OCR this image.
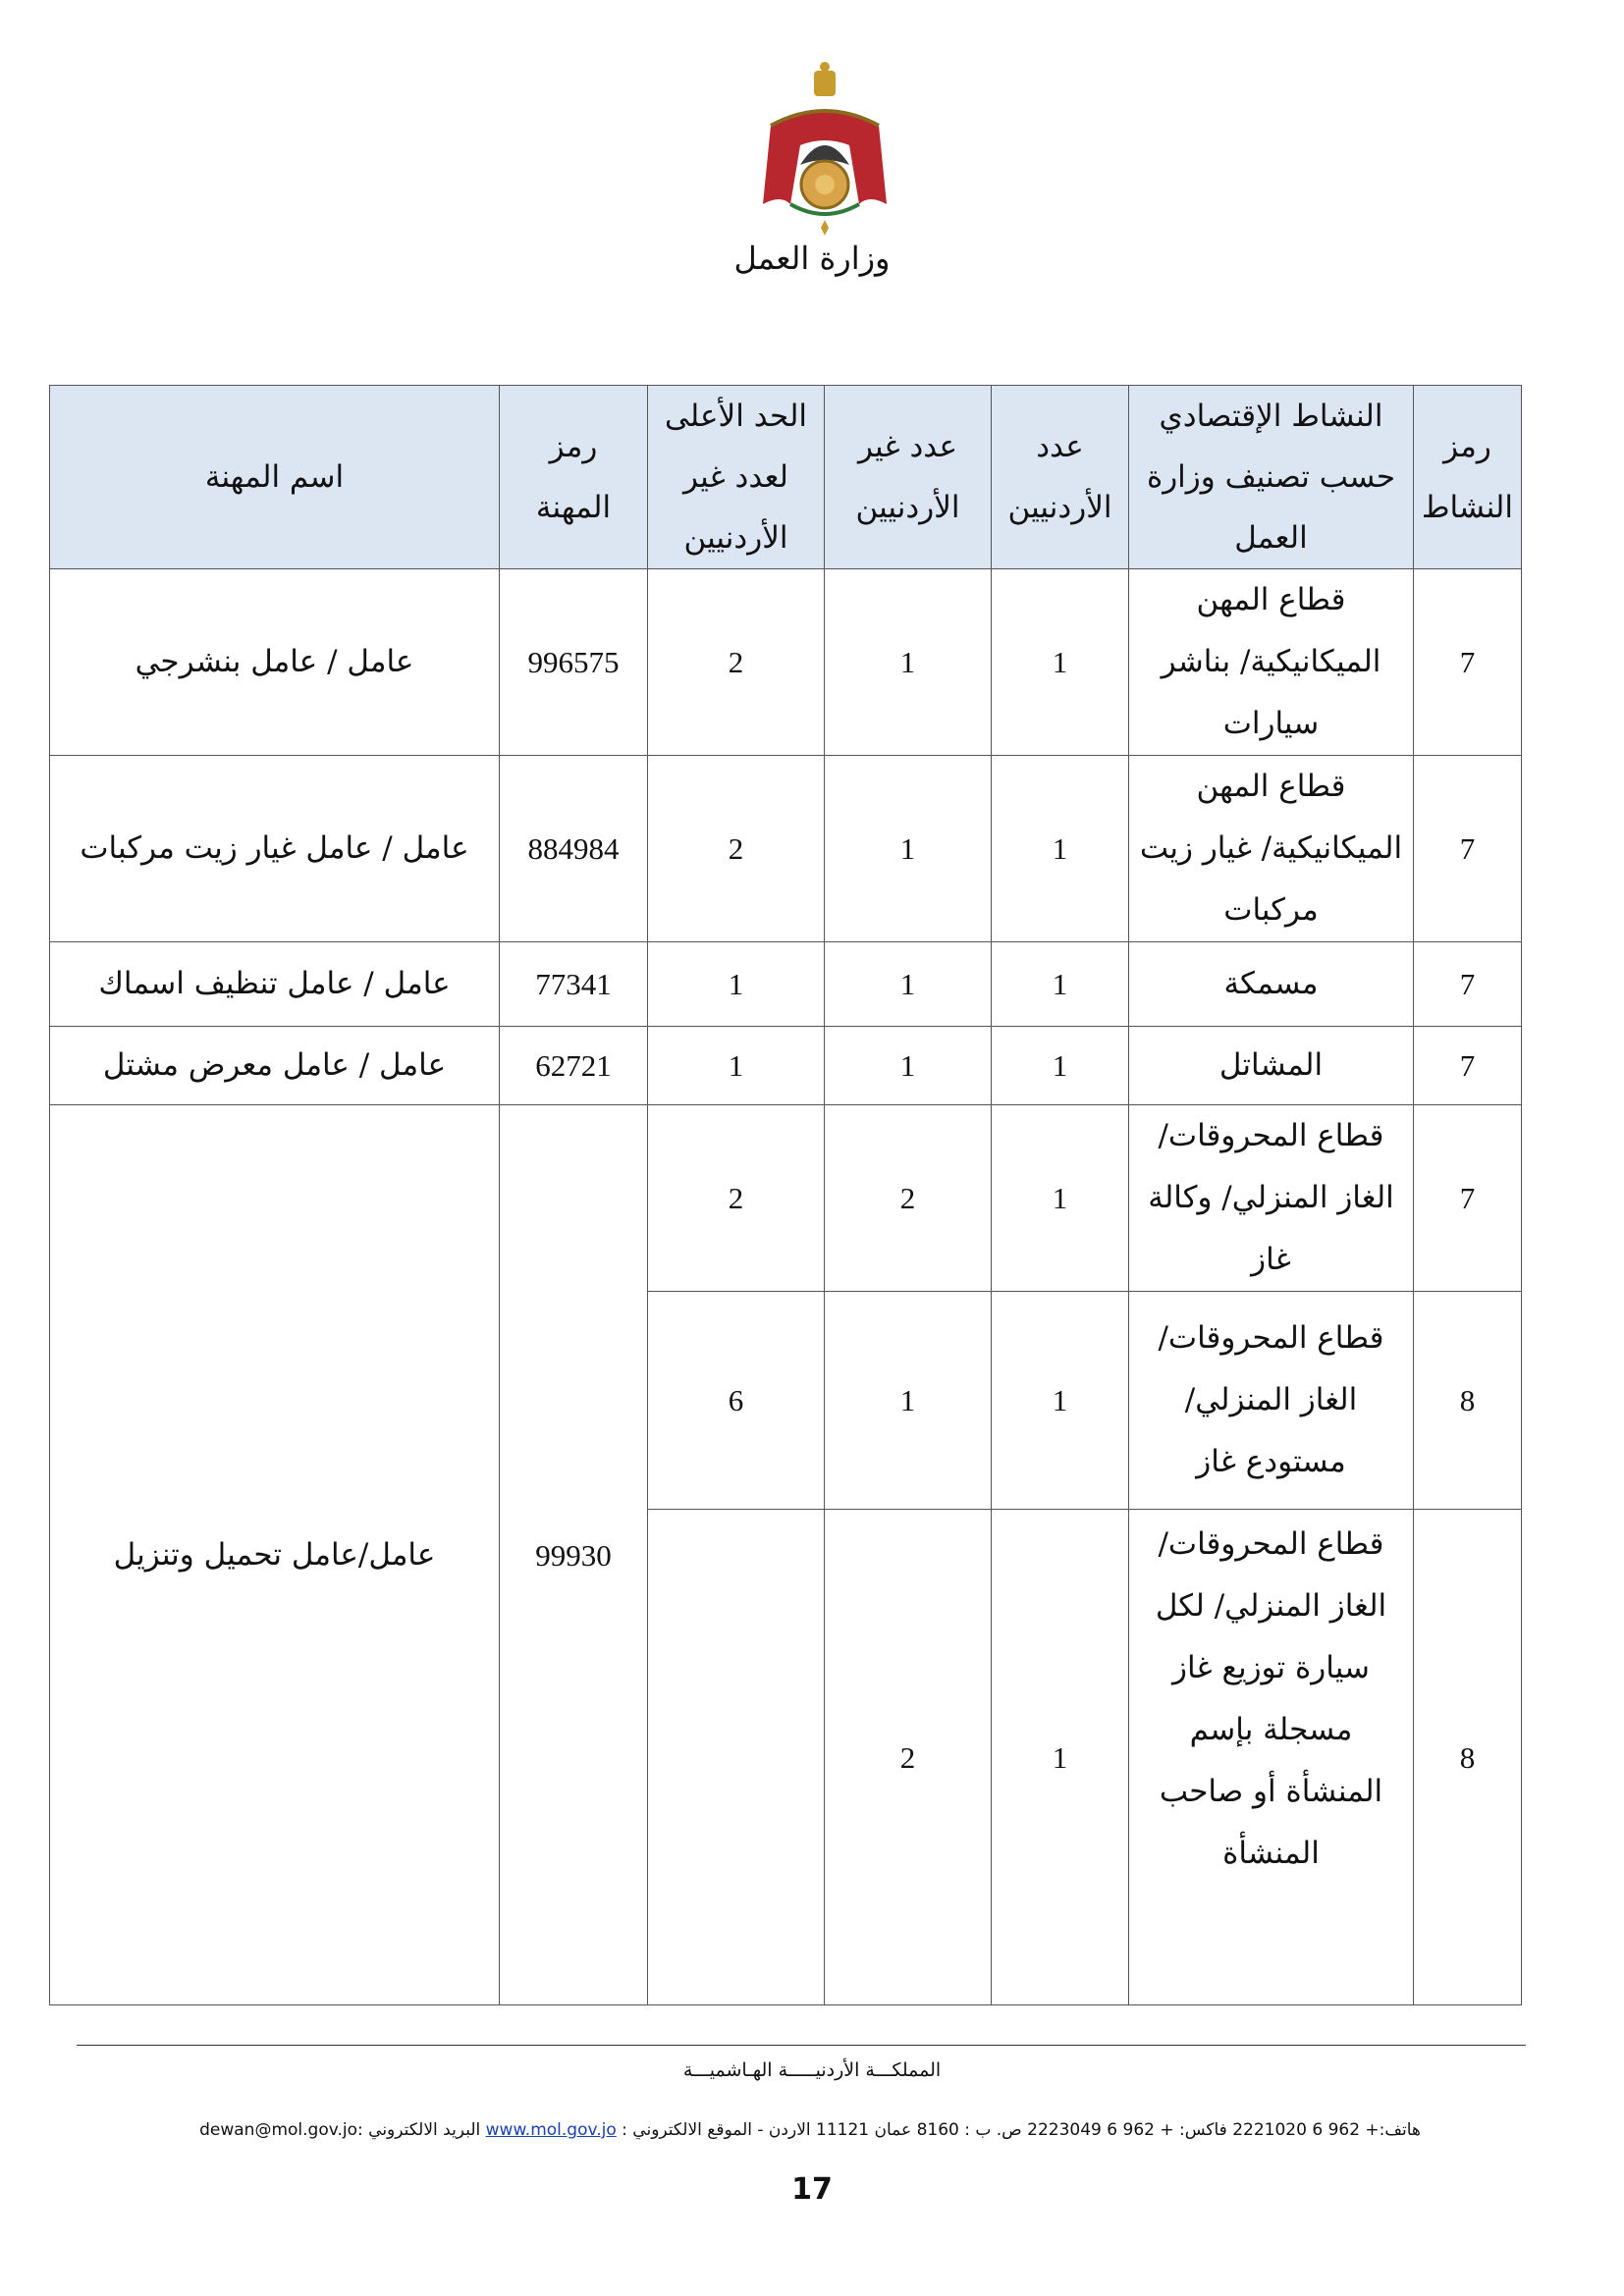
وزارة العمل
رمز النشاط	النشاط الإقتصادي حسب تصنيف وزارة العمل	عدد الأردنيين	عدد غير الأردنيين	الحد الأعلى لعدد غير الأردنيين	رمز المهنة	اسم المهنة
7	قطاع المهن الميكانيكية/ بناشر سيارات	1	1	2	996575	عامل / عامل بنشرجي
7	قطاع المهن الميكانيكية/ غيار زيت مركبات	1	1	2	884984	عامل / عامل غيار زيت مركبات
7	مسمكة	1	1	1	77341	عامل / عامل تنظيف اسماك
7	المشاتل	1	1	1	62721	عامل / عامل معرض مشتل
7	قطاع المحروقات/الغاز المنزلي/ وكالة غاز	1	2	2	99930	عامل/عامل تحميل وتنزيل
8	قطاع المحروقات/الغاز المنزلي/ مستودع غاز	1	1	6		
8	قطاع المحروقات/ الغاز المنزلي/ لكل سيارة توزيع غاز مسجلة بإسم المنشأة أو صاحب المنشأة	1	2			
المملكـــة الأردنيـــــة الهـاشميـــة
هاتف:+ 962 6 2221020 فاكس: + 962 6 2223049 ص. ب : 8160 عمان 11121 الاردن - الموقع الالكتروني : www.mol.gov.jo البريد الالكتروني :dewan@mol.gov.jo
17
